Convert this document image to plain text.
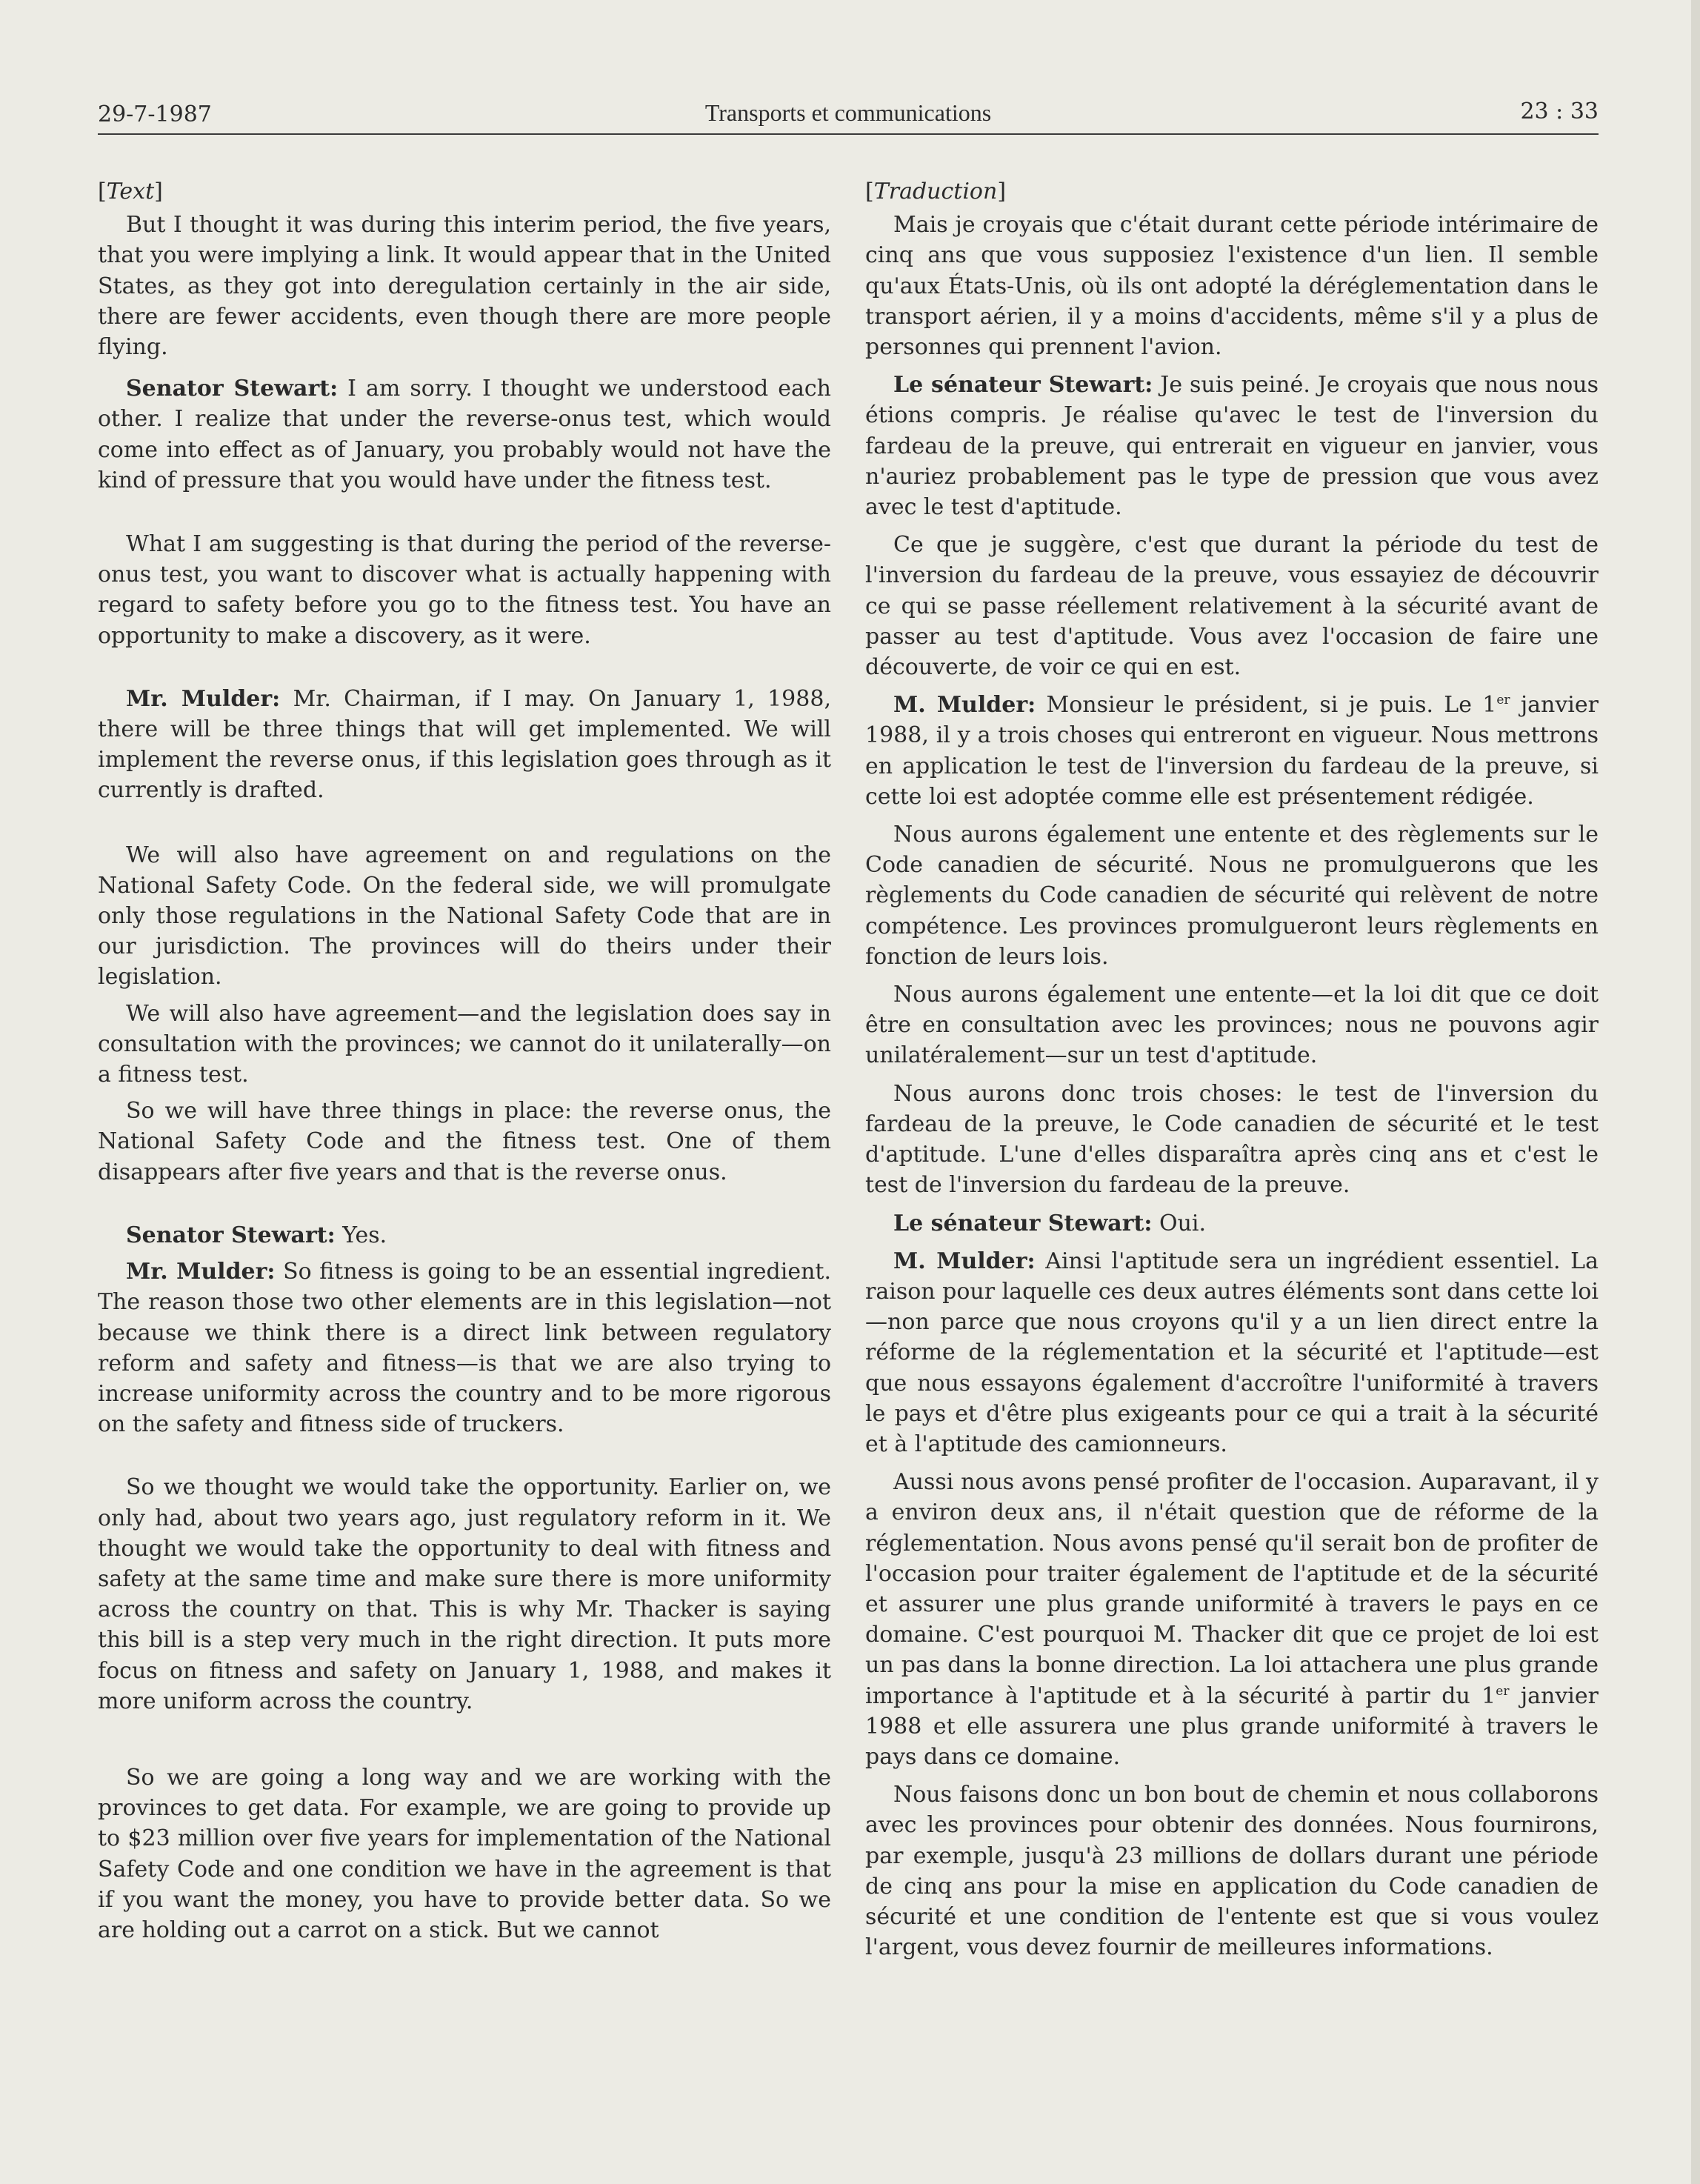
29-7-1987	Transports et communications	23 : 33

[Text]

But I thought it was during this interim period, the five years, that you were implying a link. It would appear that in the United States, as they got into deregulation certainly in the air side, there are fewer accidents, even though there are more people flying.

Senator Stewart: I am sorry. I thought we understood each other. I realize that under the reverse-onus test, which would come into effect as of January, you probably would not have the kind of pressure that you would have under the fitness test.

What I am suggesting is that during the period of the reverse-onus test, you want to discover what is actually happening with regard to safety before you go to the fitness test. You have an opportunity to make a discovery, as it were.

Mr. Mulder: Mr. Chairman, if I may. On January 1, 1988, there will be three things that will get implemented. We will implement the reverse onus, if this legislation goes through as it currently is drafted.

We will also have agreement on and regulations on the National Safety Code. On the federal side, we will promulgate only those regulations in the National Safety Code that are in our jurisdiction. The provinces will do theirs under their legislation.

We will also have agreement—and the legislation does say in consultation with the provinces; we cannot do it unilaterally—on a fitness test.

So we will have three things in place: the reverse onus, the National Safety Code and the fitness test. One of them disappears after five years and that is the reverse onus.

Senator Stewart: Yes.

Mr. Mulder: So fitness is going to be an essential ingredient. The reason those two other elements are in this legislation—not because we think there is a direct link between regulatory reform and safety and fitness—is that we are also trying to increase uniformity across the country and to be more rigorous on the safety and fitness side of truckers.

So we thought we would take the opportunity. Earlier on, we only had, about two years ago, just regulatory reform in it. We thought we would take the opportunity to deal with fitness and safety at the same time and make sure there is more uniformity across the country on that. This is why Mr. Thacker is saying this bill is a step very much in the right direction. It puts more focus on fitness and safety on January 1, 1988, and makes it more uniform across the country.

So we are going a long way and we are working with the provinces to get data. For example, we are going to provide up to $23 million over five years for implementation of the National Safety Code and one condition we have in the agreement is that if you want the money, you have to provide better data. So we are holding out a carrot on a stick. But we cannot

[Traduction]

Mais je croyais que c'était durant cette période intérimaire de cinq ans que vous supposiez l'existence d'un lien. Il semble qu'aux États-Unis, où ils ont adopté la déréglementation dans le transport aérien, il y a moins d'accidents, même s'il y a plus de personnes qui prennent l'avion.

Le sénateur Stewart: Je suis peiné. Je croyais que nous nous étions compris. Je réalise qu'avec le test de l'inversion du fardeau de la preuve, qui entrerait en vigueur en janvier, vous n'auriez probablement pas le type de pression que vous avez avec le test d'aptitude.

Ce que je suggère, c'est que durant la période du test de l'inversion du fardeau de la preuve, vous essayiez de découvrir ce qui se passe réellement relativement à la sécurité avant de passer au test d'aptitude. Vous avez l'occasion de faire une découverte, de voir ce qui en est.

M. Mulder: Monsieur le président, si je puis. Le 1er janvier 1988, il y a trois choses qui entreront en vigueur. Nous mettrons en application le test de l'inversion du fardeau de la preuve, si cette loi est adoptée comme elle est présentement rédigée.

Nous aurons également une entente et des règlements sur le Code canadien de sécurité. Nous ne promulguerons que les règlements du Code canadien de sécurité qui relèvent de notre compétence. Les provinces promulgueront leurs règlements en fonction de leurs lois.

Nous aurons également une entente—et la loi dit que ce doit être en consultation avec les provinces; nous ne pouvons agir unilatéralement—sur un test d'aptitude.

Nous aurons donc trois choses: le test de l'inversion du fardeau de la preuve, le Code canadien de sécurité et le test d'aptitude. L'une d'elles disparaîtra après cinq ans et c'est le test de l'inversion du fardeau de la preuve.

Le sénateur Stewart: Oui.

M. Mulder: Ainsi l'aptitude sera un ingrédient essentiel. La raison pour laquelle ces deux autres éléments sont dans cette loi—non parce que nous croyons qu'il y a un lien direct entre la réforme de la réglementation et la sécurité et l'aptitude—est que nous essayons également d'accroître l'uniformité à travers le pays et d'être plus exigeants pour ce qui a trait à la sécurité et à l'aptitude des camionneurs.

Aussi nous avons pensé profiter de l'occasion. Auparavant, il y a environ deux ans, il n'était question que de réforme de la réglementation. Nous avons pensé qu'il serait bon de profiter de l'occasion pour traiter également de l'aptitude et de la sécurité et assurer une plus grande uniformité à travers le pays en ce domaine. C'est pourquoi M. Thacker dit que ce projet de loi est un pas dans la bonne direction. La loi attachera une plus grande importance à l'aptitude et à la sécurité à partir du 1er janvier 1988 et elle assurera une plus grande uniformité à travers le pays dans ce domaine.

Nous faisons donc un bon bout de chemin et nous collaborons avec les provinces pour obtenir des données. Nous fournirons, par exemple, jusqu'à 23 millions de dollars durant une période de cinq ans pour la mise en application du Code canadien de sécurité et une condition de l'entente est que si vous voulez l'argent, vous devez fournir de meilleures informations.
